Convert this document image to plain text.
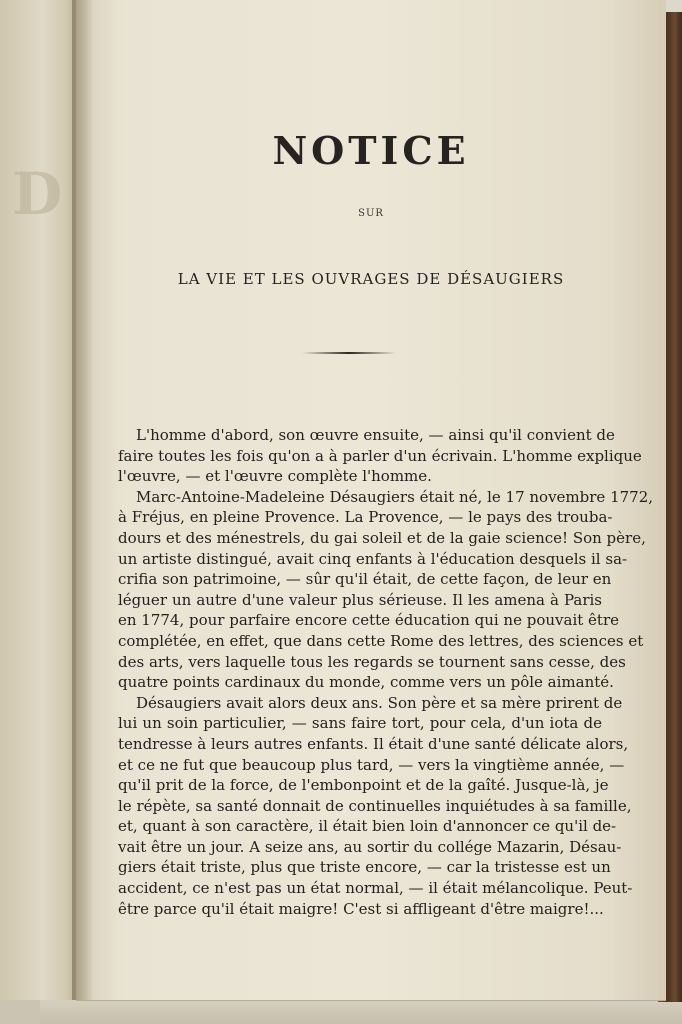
D
NOTICE
SUR
LA VIE ET LES OUVRAGES DE DÉSAUGIERS
L'homme d'abord, son œuvre ensuite, — ainsi qu'il convient de
faire toutes les fois qu'on a à parler d'un écrivain. L'homme explique
l'œuvre, — et l'œuvre complète l'homme.
Marc-Antoine-Madeleine Désaugiers était né, le 17 novembre 1772,
à Fréjus, en pleine Provence. La Provence, — le pays des trouba-
dours et des ménestrels, du gai soleil et de la gaie science! Son père,
un artiste distingué, avait cinq enfants à l'éducation desquels il sa-
crifia son patrimoine, — sûr qu'il était, de cette façon, de leur en
léguer un autre d'une valeur plus sérieuse. Il les amena à Paris
en 1774, pour parfaire encore cette éducation qui ne pouvait être
complétée, en effet, que dans cette Rome des lettres, des sciences et
des arts, vers laquelle tous les regards se tournent sans cesse, des
quatre points cardinaux du monde, comme vers un pôle aimanté.
Désaugiers avait alors deux ans. Son père et sa mère prirent de
lui un soin particulier, — sans faire tort, pour cela, d'un iota de
tendresse à leurs autres enfants. Il était d'une santé délicate alors,
et ce ne fut que beaucoup plus tard, — vers la vingtième année, —
qu'il prit de la force, de l'embonpoint et de la gaîté. Jusque-là, je
le répète, sa santé donnait de continuelles inquiétudes à sa famille,
et, quant à son caractère, il était bien loin d'annoncer ce qu'il de-
vait être un jour. A seize ans, au sortir du collége Mazarin, Désau-
giers était triste, plus que triste encore, — car la tristesse est un
accident, ce n'est pas un état normal, — il était mélancolique. Peut-
être parce qu'il était maigre! C'est si affligeant d'être maigre!...
